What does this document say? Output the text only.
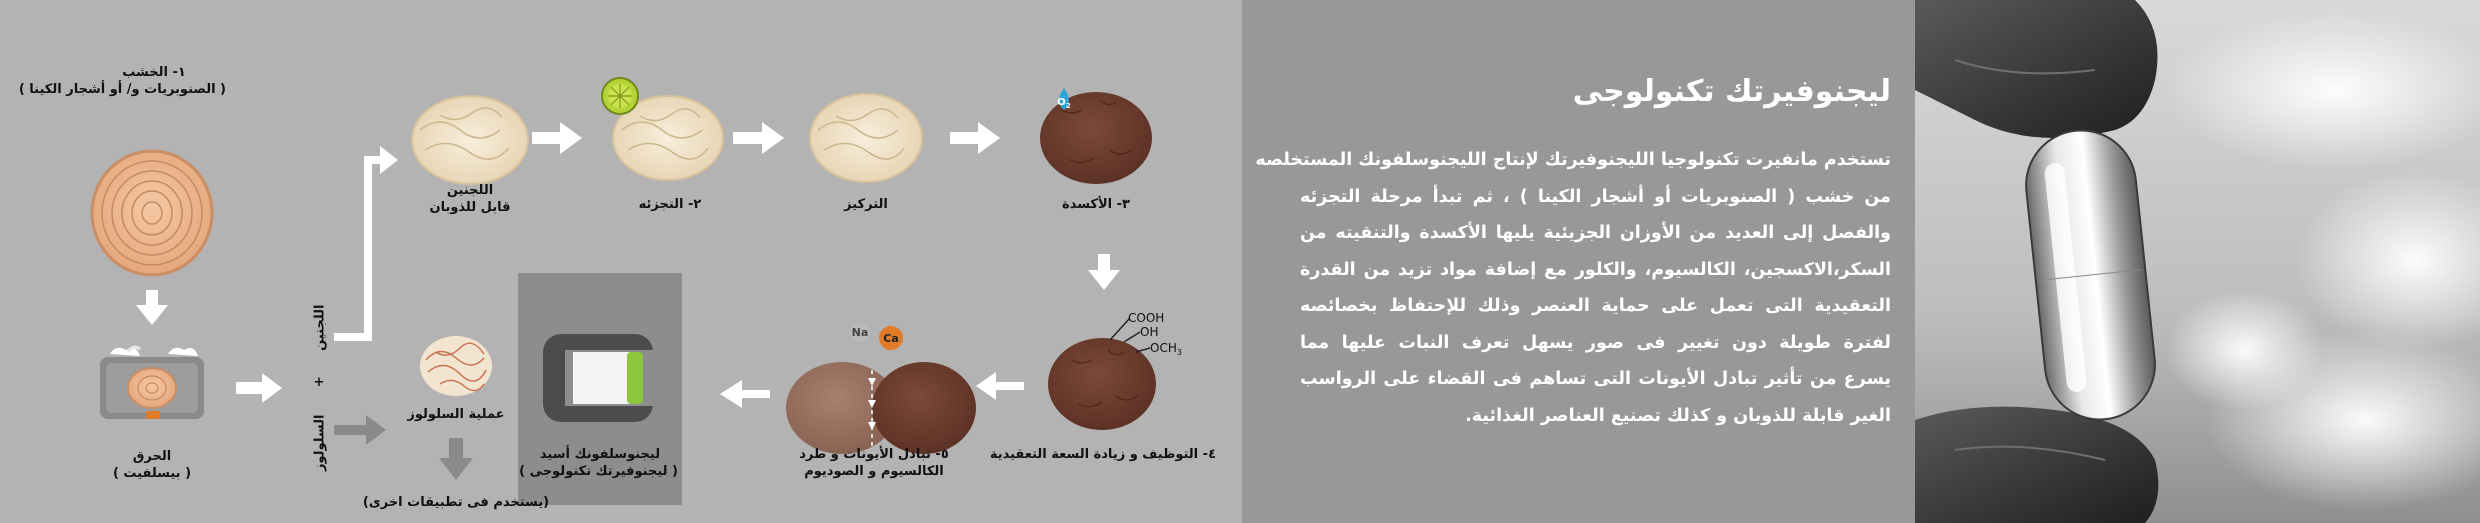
$O_2$
COOH
OH
$OCH_3$
Na Ca
١- الخشب
( الصنوبريات و/ أو أشجار الكينا )
الحرق
( بيسلفيت )
اللجنين
+
السلولوز
اللجنين
قابل للذوبان	٢- التجزئه	التركيز	٣- الأكسدة
٤- التوظيف و زيادة السعة التعقيدية
٥- تبادل الأيونات و طرد
الكالسيوم و الصوديوم
ليجنوسلفونك أسيد
( ليجنوفيرتك تكنولوجى )
عملية السلولوز
(يستخدم فى تطبيقات اخرى)
ليجنوفيرتك تكنولوجى
تستخدم مانفيرت تكنولوجيا الليجنوفيرتك لإنتاج الليجنوسلفونك المستخلصه
من خشب ( الصنوبريات أو أشجار الكينا ) ، ثم تبدأ مرحلة التجزئه
والفصل إلى العديد من الأوزان الجزيئية يليها الأكسدة والتنقيته من
السكر،الاكسجين، الكالسيوم، والكلور مع إضافة مواد تزيد من القدرة
التعقيدية التى تعمل على حماية العنصر وذلك للإحتفاظ بخصائصه
لفترة طويلة دون تغيير فى صور يسهل تعرف النبات عليها مما
يسرع من تأثير تبادل الأيونات التى تساهم فى القضاء على الرواسب
الغير قابلة للذوبان و كذلك تصنيع العناصر الغذائية.
